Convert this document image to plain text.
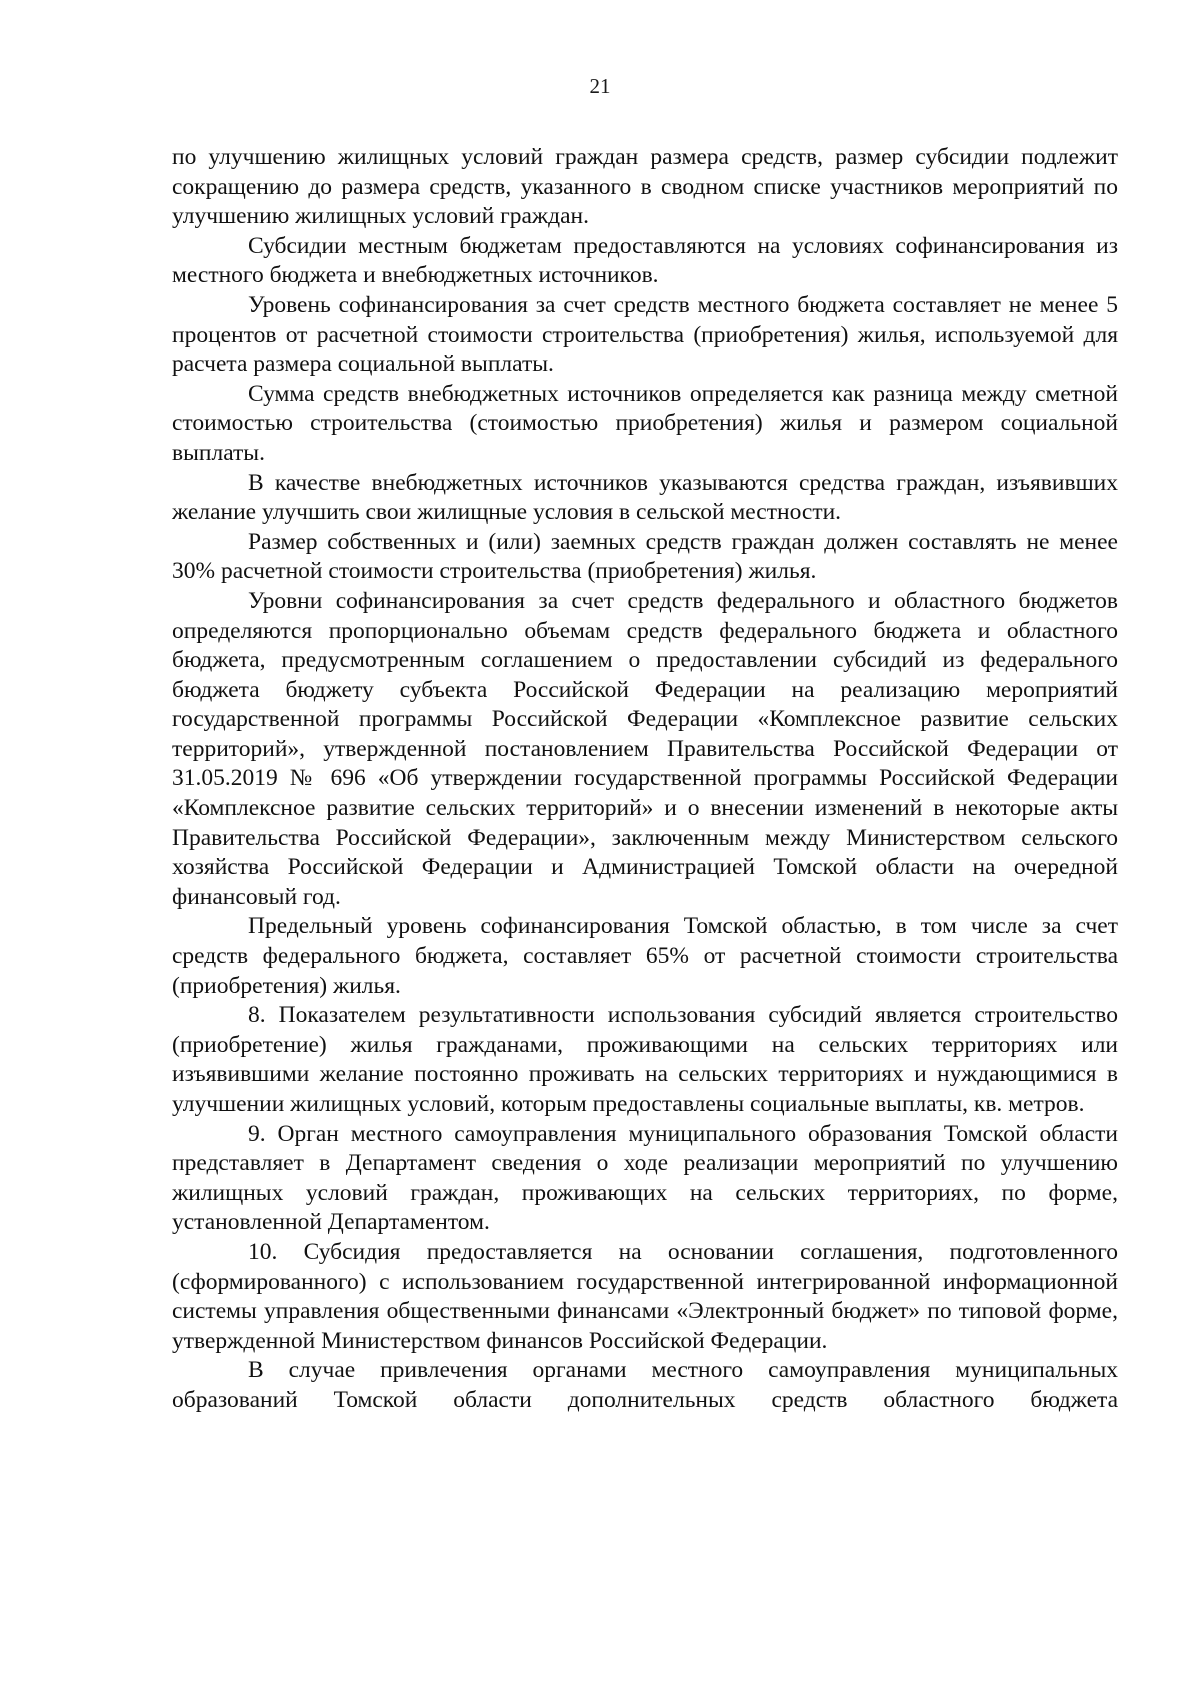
21

по улучшению жилищных условий граждан размера средств, размер субсидии подлежит сокращению до размера средств, указанного в сводном списке участников мероприятий по улучшению жилищных условий граждан.

Субсидии местным бюджетам предоставляются на условиях софинансирования из местного бюджета и внебюджетных источников.

Уровень софинансирования за счет средств местного бюджета составляет не менее 5 процентов от расчетной стоимости строительства (приобретения) жилья, используемой для расчета размера социальной выплаты.

Сумма средств внебюджетных источников определяется как разница между сметной стоимостью строительства (стоимостью приобретения) жилья и размером социальной выплаты.

В качестве внебюджетных источников указываются средства граждан, изъявивших желание улучшить свои жилищные условия в сельской местности.

Размер собственных и (или) заемных средств граждан должен составлять не менее 30% расчетной стоимости строительства (приобретения) жилья.

Уровни софинансирования за счет средств федерального и областного бюджетов определяются пропорционально объемам средств федерального бюджета и областного бюджета, предусмотренным соглашением о предоставлении субсидий из федерального бюджета бюджету субъекта Российской Федерации на реализацию мероприятий государственной программы Российской Федерации «Комплексное развитие сельских территорий», утвержденной постановлением Правительства Российской Федерации от 31.05.2019 № 696 «Об утверждении государственной программы Российской Федерации «Комплексное развитие сельских территорий» и о внесении изменений в некоторые акты Правительства Российской Федерации», заключенным между Министерством сельского хозяйства Российской Федерации и Администрацией Томской области на очередной финансовый год.

Предельный уровень софинансирования Томской областью, в том числе за счет средств федерального бюджета, составляет 65% от расчетной стоимости строительства (приобретения) жилья.

8. Показателем результативности использования субсидий является строительство (приобретение) жилья гражданами, проживающими на сельских территориях или изъявившими желание постоянно проживать на сельских территориях и нуждающимися в улучшении жилищных условий, которым предоставлены социальные выплаты, кв. метров.

9. Орган местного самоуправления муниципального образования Томской области представляет в Департамент сведения о ходе реализации мероприятий по улучшению жилищных условий граждан, проживающих на сельских территориях, по форме, установленной Департаментом.

10. Субсидия предоставляется на основании соглашения, подготовленного (сформированного) с использованием государственной интегрированной информационной системы управления общественными финансами «Электронный бюджет» по типовой форме, утвержденной Министерством финансов Российской Федерации.

В случае привлечения органами местного самоуправления муниципальных образований Томской области дополнительных средств областного бюджета
